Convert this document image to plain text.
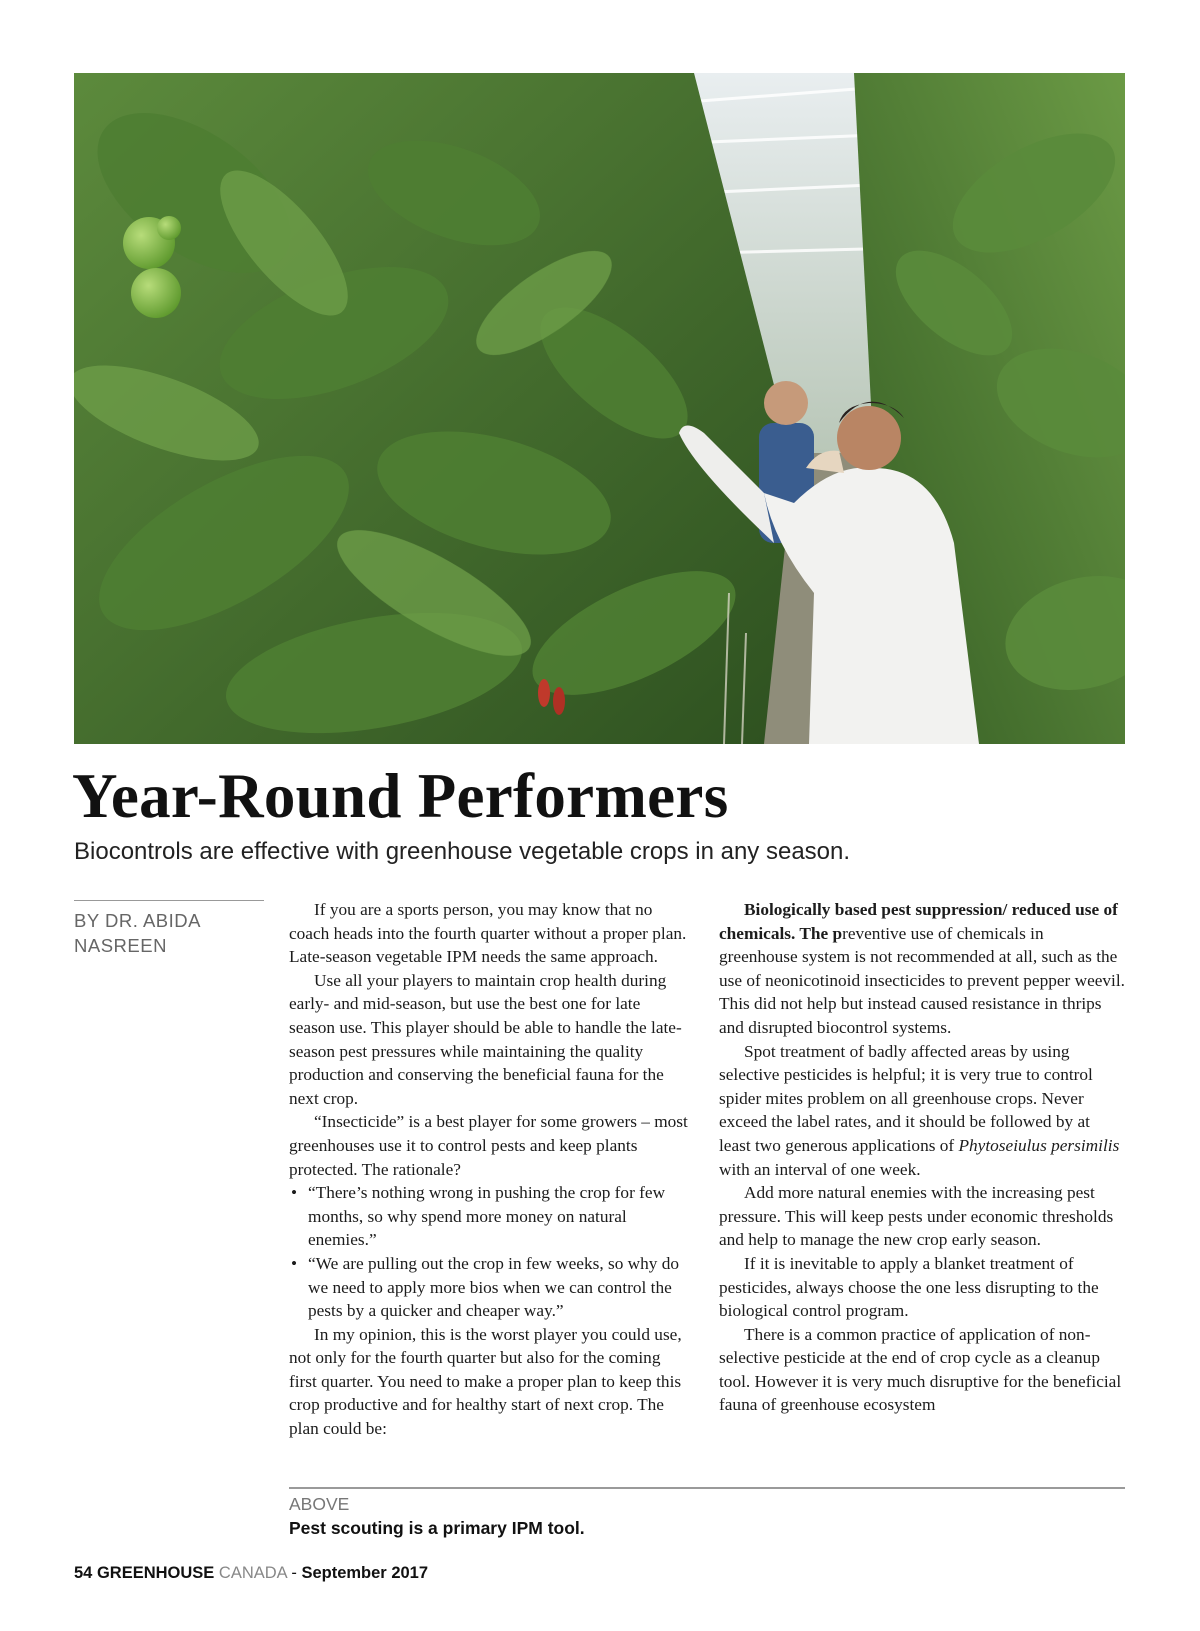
Year-Round Performers
Biocontrols are effective with greenhouse vegetable crops in any season.
BY DR. ABIDA
NASREEN

If you are a sports person, you may know that no coach heads into the fourth quarter without a proper plan. Late-season vegetable IPM needs the same approach.

Use all your players to maintain crop health during early- and mid-season, but use the best one for late season use. This player should be able to handle the late-season pest pressures while maintaining the quality production and conserving the beneficial fauna for the next crop.

“Insecticide” is a best player for some growers – most greenhouses use it to control pests and keep plants protected. The rationale?

• “There’s nothing wrong in pushing the crop for few months, so why spend more money on natural enemies.”
• “We are pulling out the crop in few weeks, so why do we need to apply more bios when we can control the pests by a quicker and cheaper way.”

In my opinion, this is the worst player you could use, not only for the fourth quarter but also for the coming first quarter. You need to make a proper plan to keep this crop productive and for healthy start of next crop. The plan could be:

Biologically based pest suppression/ reduced use of chemicals. The preventive use of chemicals in greenhouse system is not recommended at all, such as the use of neonicotinoid insecticides to prevent pepper weevil. This did not help but instead caused resistance in thrips and disrupted biocontrol systems.

Spot treatment of badly affected areas by using selective pesticides is helpful; it is very true to control spider mites problem on all greenhouse crops. Never exceed the label rates, and it should be followed by at least two generous applications of Phytoseiulus persimilis with an interval of one week.

Add more natural enemies with the increasing pest pressure. This will keep pests under economic thresholds and help to manage the new crop early season.

If it is inevitable to apply a blanket treatment of pesticides, always choose the one less disrupting to the biological control program.

There is a common practice of application of non-selective pesticide at the end of crop cycle as a cleanup tool. However it is very much disruptive for the beneficial fauna of greenhouse ecosystem

ABOVE
Pest scouting is a primary IPM tool.
54 GREENHOUSE CANADA - September 2017
